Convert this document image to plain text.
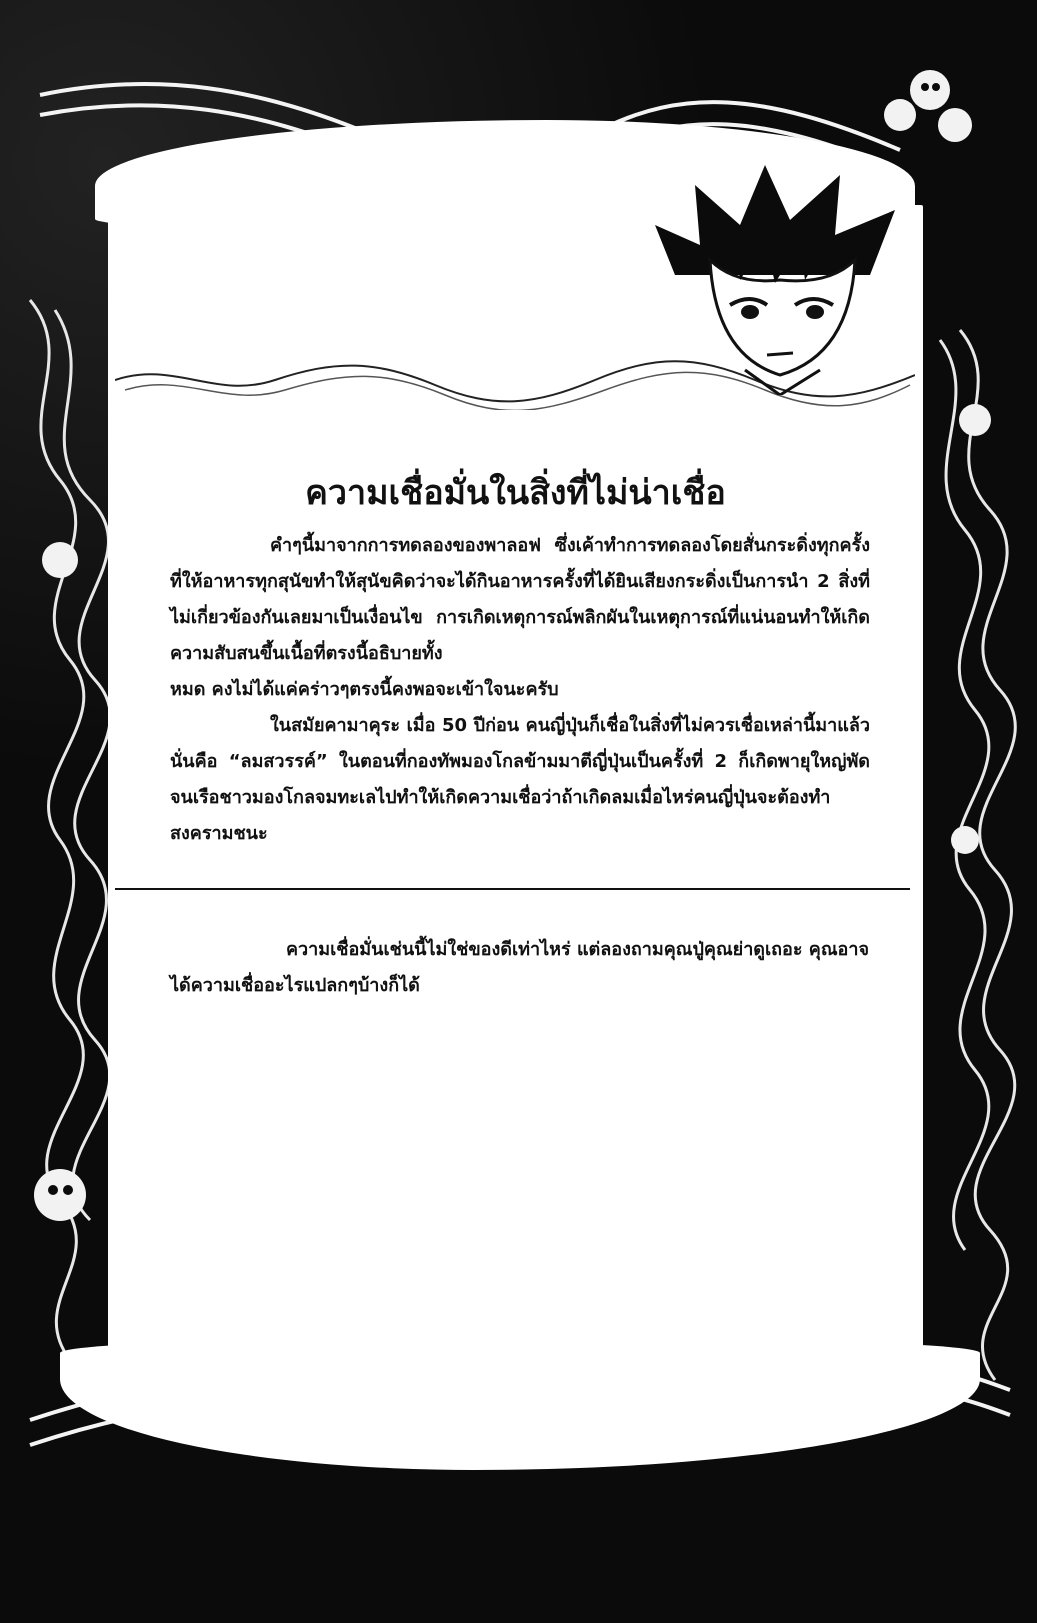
ความเชื่อมั่นในสิ่งที่ไม่น่าเชื่อ

คำๆนี้มาจากการทดลองของพาลอฟ ซึ่งเค้าทำการทดลองโดยสั่นกระดิ่งทุกครั้งที่ให้อาหารทุกสุนัขทำให้สุนัขคิดว่าจะได้กินอาหารครั้งที่ได้ยินเสียงกระดิ่งเป็นการนำ 2 สิ่งที่ไม่เกี่ยวข้องกันเลยมาเป็นเงื่อนไข การเกิดเหตุการณ์พลิกผันในเหตุการณ์ที่แน่นอนทำให้เกิดความสับสนขึ้นเนื้อที่ตรงนี้อธิบายทั้ง

หมด คงไม่ได้แค่คร่าวๆตรงนี้คงพอจะเข้าใจนะครับ

ในสมัยคามาคุระ เมื่อ 50 ปีก่อน คนญี่ปุ่นก็เชื่อในสิ่งที่ไม่ควรเชื่อเหล่านี้มาแล้วนั่นคือ “ลมสวรรค์” ในตอนที่กองทัพมองโกลข้ามมาตีญี่ปุ่นเป็นครั้งที่ 2 ก็เกิดพายุใหญ่พัดจนเรือชาวมองโกลจมทะเลไปทำให้เกิดความเชื่อว่าถ้าเกิดลมเมื่อไหร่คนญี่ปุ่นจะต้องทำสงครามชนะ

ความเชื่อมั่นเช่นนี้ไม่ใช่ของดีเท่าไหร่ แต่ลองถามคุณปู่คุณย่าดูเถอะ คุณอาจได้ความเชื่ออะไรแปลกๆบ้างก็ได้
